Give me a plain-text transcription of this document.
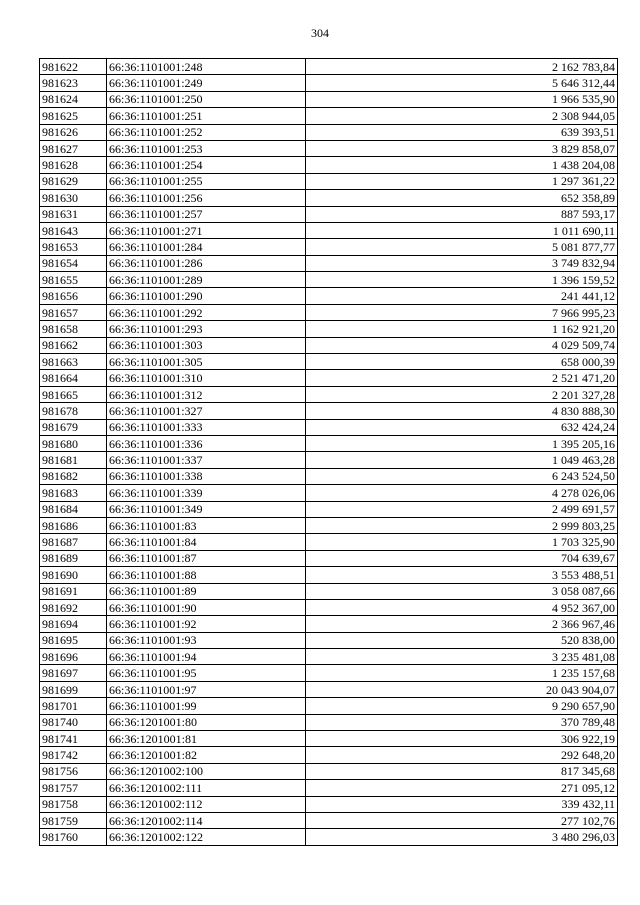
304
981622	66:36:1101001:248	2 162 783,84
981623	66:36:1101001:249	5 646 312,44
981624	66:36:1101001:250	1 966 535,90
981625	66:36:1101001:251	2 308 944,05
981626	66:36:1101001:252	639 393,51
981627	66:36:1101001:253	3 829 858,07
981628	66:36:1101001:254	1 438 204,08
981629	66:36:1101001:255	1 297 361,22
981630	66:36:1101001:256	652 358,89
981631	66:36:1101001:257	887 593,17
981643	66:36:1101001:271	1 011 690,11
981653	66:36:1101001:284	5 081 877,77
981654	66:36:1101001:286	3 749 832,94
981655	66:36:1101001:289	1 396 159,52
981656	66:36:1101001:290	241 441,12
981657	66:36:1101001:292	7 966 995,23
981658	66:36:1101001:293	1 162 921,20
981662	66:36:1101001:303	4 029 509,74
981663	66:36:1101001:305	658 000,39
981664	66:36:1101001:310	2 521 471,20
981665	66:36:1101001:312	2 201 327,28
981678	66:36:1101001:327	4 830 888,30
981679	66:36:1101001:333	632 424,24
981680	66:36:1101001:336	1 395 205,16
981681	66:36:1101001:337	1 049 463,28
981682	66:36:1101001:338	6 243 524,50
981683	66:36:1101001:339	4 278 026,06
981684	66:36:1101001:349	2 499 691,57
981686	66:36:1101001:83	2 999 803,25
981687	66:36:1101001:84	1 703 325,90
981689	66:36:1101001:87	704 639,67
981690	66:36:1101001:88	3 553 488,51
981691	66:36:1101001:89	3 058 087,66
981692	66:36:1101001:90	4 952 367,00
981694	66:36:1101001:92	2 366 967,46
981695	66:36:1101001:93	520 838,00
981696	66:36:1101001:94	3 235 481,08
981697	66:36:1101001:95	1 235 157,68
981699	66:36:1101001:97	20 043 904,07
981701	66:36:1101001:99	9 290 657,90
981740	66:36:1201001:80	370 789,48
981741	66:36:1201001:81	306 922,19
981742	66:36:1201001:82	292 648,20
981756	66:36:1201002:100	817 345,68
981757	66:36:1201002:111	271 095,12
981758	66:36:1201002:112	339 432,11
981759	66:36:1201002:114	277 102,76
981760	66:36:1201002:122	3 480 296,03
